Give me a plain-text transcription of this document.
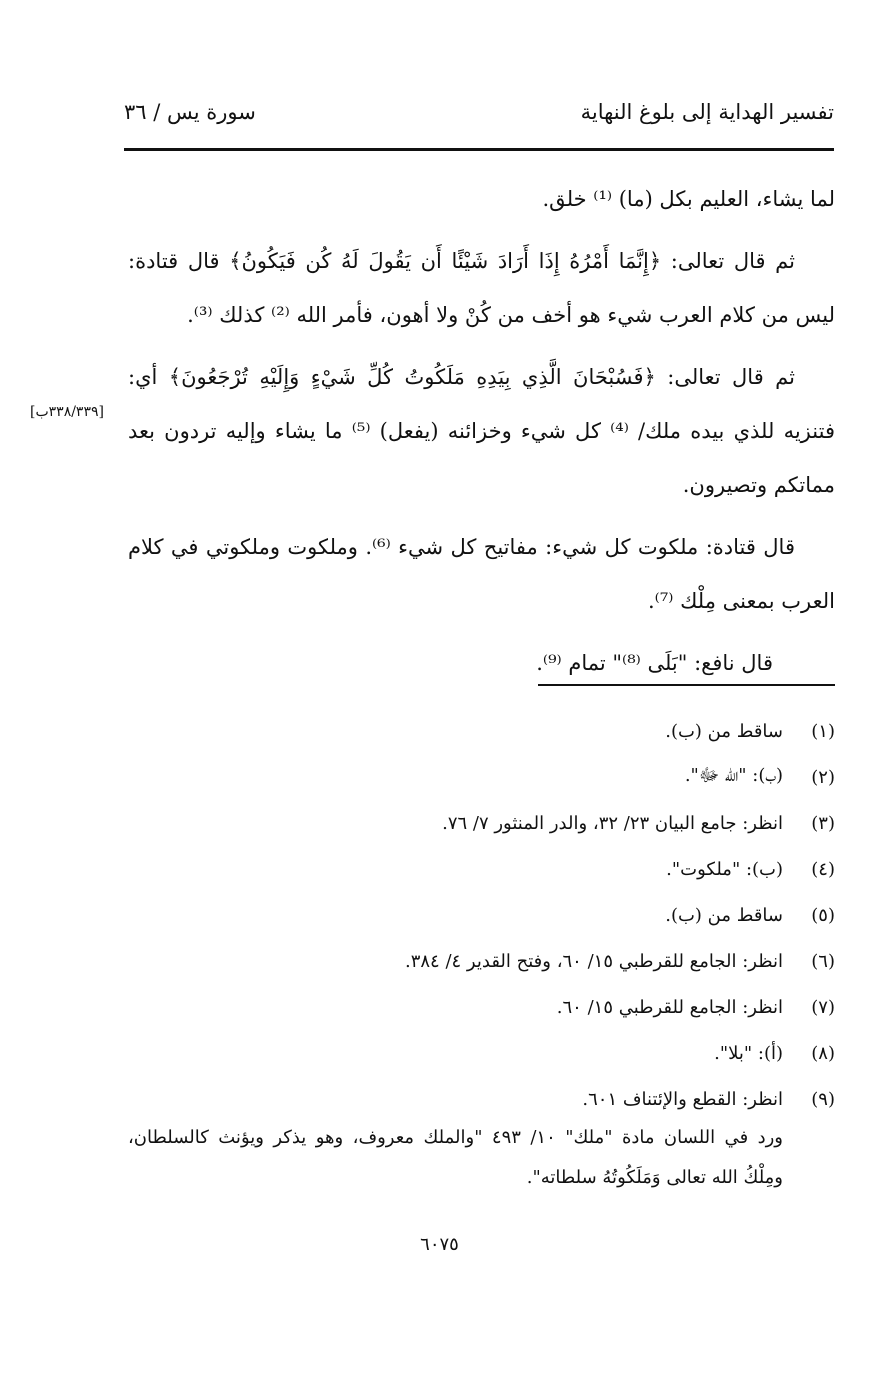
تفسير الهداية إلى بلوغ النهاية
سورة يس / ٣٦

لما يشاء، العليم بكل (ما) ⁽¹⁾ خلق.

ثم قال تعالى: ﴿إِنَّمَا أَمْرُهُ إِذَا أَرَادَ شَيْئًا أَن يَقُولَ لَهُ كُن فَيَكُونُ﴾ قال قتادة: ليس من كلام العرب شيء هو أخف من كُنْ ولا أهون، فأمر الله ⁽²⁾ كذلك ⁽³⁾.

ثم قال تعالى: ﴿فَسُبْحَانَ الَّذِي بِيَدِهِ مَلَكُوتُ كُلِّ شَيْءٍ وَإِلَيْهِ تُرْجَعُونَ﴾ أي: فتنزيه للذي بيده ملك/ ⁽⁴⁾ كل شيء وخزائنه (يفعل) ⁽⁵⁾ ما يشاء وإليه تردون بعد مماتكم وتصيرون.

قال قتادة: ملكوت كل شيء: مفاتيح كل شيء ⁽⁶⁾. وملكوت وملكوتي في كلام العرب بمعنى مِلْك ⁽⁷⁾.

قال نافع: "بَلَى ⁽⁸⁾" تمام ⁽⁹⁾.

[٣٣٨/٣٣٩ب]
(١)
ساقط من (ب).
(٢)
(ب): "الله ﷻ".
(٣)
انظر: جامع البيان ٢٣/ ٣٢، والدر المنثور ٧/ ٧٦.
(٤)
(ب): "ملكوت".
(٥)
ساقط من (ب).
(٦)
انظر: الجامع للقرطبي ١٥/ ٦٠، وفتح القدير ٤/ ٣٨٤.
(٧)
انظر: الجامع للقرطبي ١٥/ ٦٠.
(٨)
(أ): "بلا".
(٩)
انظر: القطع والإئتناف ٦٠١.
ورد في اللسان مادة "ملك" ١٠/ ٤٩٣ "والملك معروف، وهو يذكر ويؤنث كالسلطان، ومِلْكُ الله تعالى وَمَلَكُوتُهُ سلطاته".
٦٠٧٥
